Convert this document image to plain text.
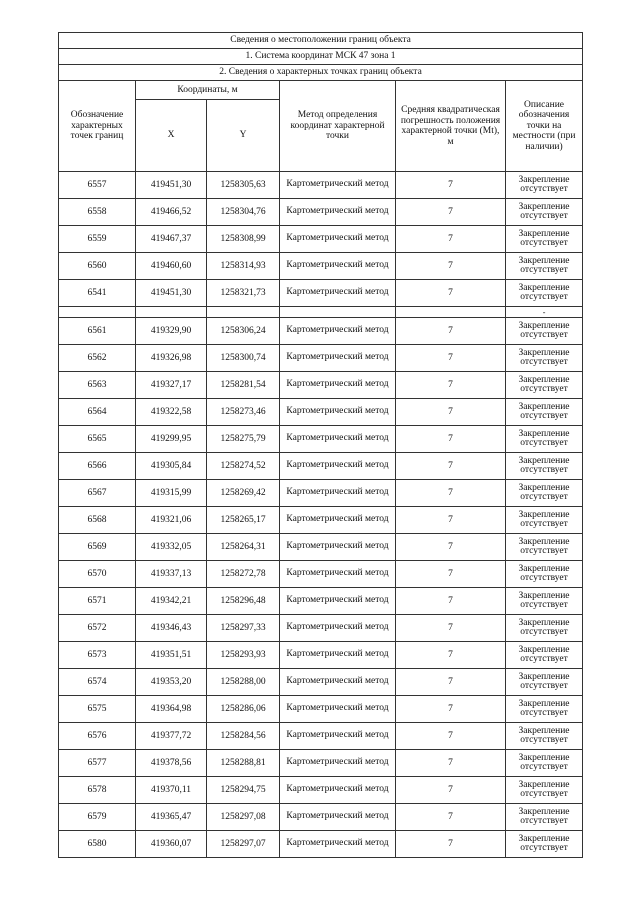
Сведения о местоположении границ объекта					
1. Система координат МСК 47 зона 1					
2. Сведения о характерных точках границ объекта					
Обозначение характерных точек границ	Координаты, м		Метод определения координат характерной точки	Средняя квадратическая погрешность положения характерной точки (Mt), м	Описание обозначения точки на местности (при наличии)
	X	Y			
6557	419451,30	1258305,63	Картометрический метод	7	Закрепление отсутствует
6558	419466,52	1258304,76	Картометрический метод	7	Закрепление отсутствует
6559	419467,37	1258308,99	Картометрический метод	7	Закрепление отсутствует
6560	419460,60	1258314,93	Картометрический метод	7	Закрепление отсутствует
6541	419451,30	1258321,73	Картометрический метод	7	Закрепление отсутствует
					-
6561	419329,90	1258306,24	Картометрический метод	7	Закрепление отсутствует
6562	419326,98	1258300,74	Картометрический метод	7	Закрепление отсутствует
6563	419327,17	1258281,54	Картометрический метод	7	Закрепление отсутствует
6564	419322,58	1258273,46	Картометрический метод	7	Закрепление отсутствует
6565	419299,95	1258275,79	Картометрический метод	7	Закрепление отсутствует
6566	419305,84	1258274,52	Картометрический метод	7	Закрепление отсутствует
6567	419315,99	1258269,42	Картометрический метод	7	Закрепление отсутствует
6568	419321,06	1258265,17	Картометрический метод	7	Закрепление отсутствует
6569	419332,05	1258264,31	Картометрический метод	7	Закрепление отсутствует
6570	419337,13	1258272,78	Картометрический метод	7	Закрепление отсутствует
6571	419342,21	1258296,48	Картометрический метод	7	Закрепление отсутствует
6572	419346,43	1258297,33	Картометрический метод	7	Закрепление отсутствует
6573	419351,51	1258293,93	Картометрический метод	7	Закрепление отсутствует
6574	419353,20	1258288,00	Картометрический метод	7	Закрепление отсутствует
6575	419364,98	1258286,06	Картометрический метод	7	Закрепление отсутствует
6576	419377,72	1258284,56	Картометрический метод	7	Закрепление отсутствует
6577	419378,56	1258288,81	Картометрический метод	7	Закрепление отсутствует
6578	419370,11	1258294,75	Картометрический метод	7	Закрепление отсутствует
6579	419365,47	1258297,08	Картометрический метод	7	Закрепление отсутствует
6580	419360,07	1258297,07	Картометрический метод	7	Закрепление отсутствует
